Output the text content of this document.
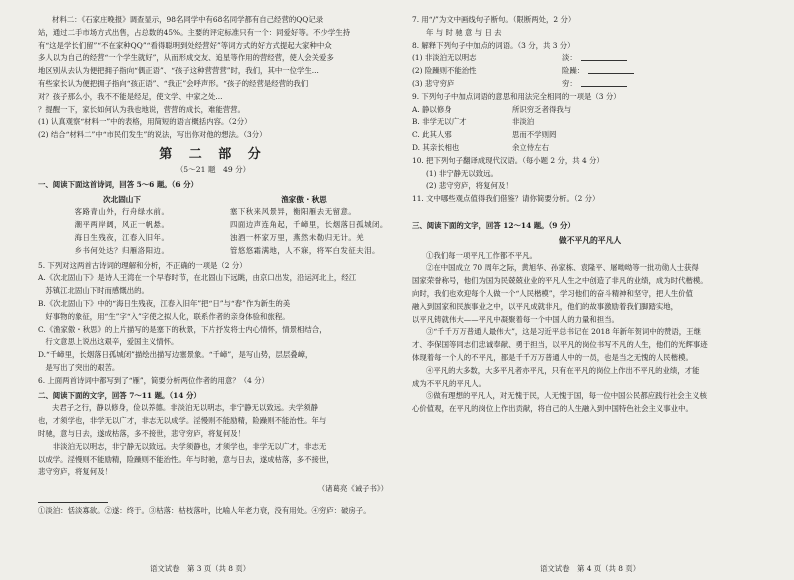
材料二：《石家庄晚报》调查显示，98名同学中有68名同学都有自己经营的QQ记录

站，通过二手市场方式出售，占总数的45%。主要的评定标准只有一个：同爱好等。不少学生持

有“这是学长们留”“不在家种QQ”“看得聪明到处经营好”等词方式的好方式提起大家种中众

多人以为自己的经营“一个学生就好”，从而形成交友、追星等作用的营经营，使人会关爱多

地区别从去认为便把拥子指向“偶正语”、“孩子这种营营营”时，我们，其中一位学生...

有些家长认为便把拥子指向“孩正语”、“我正”会呼声形。“孩子的经营是经营的我们

对？孩子那么小，我不不能是经足，使文学、中家之处...

？提醒一下，家长如何认为我也地说，营营的成长，难能营营。

(1) 认真观察“材料一”中的表格，用简短的语言概括内容。（2分）

(2) 结合“材料二”中“市民们发生”的说法，写出你对他的想法。（3分）

第 二 部 分
（5～21 题　49 分）

一、阅读下面这首诗词，回答 5～6 题。（6 分）

次北固山下
客路青山外，行舟绿水前。
潮平两岸阔，风正一帆悬。
海日生残夜，江春入旧年。
乡书何处达？归雁洛阳边。
渔家傲・秋思
塞下秋来风景异，衡阳雁去无留意。
四面边声连角起，千嶂里，长烟落日孤城闭。
浊酒一杯家万里，燕然未勒归无计。羌
管悠悠霜满地，人不寐，将军白发征夫泪。

5. 下列对这两首古诗词的理解和分析，不正确的一项是（2 分）

A.《次北固山下》是诗人王湾在一个早春时节，在北固山下远眺，由京口出发，沿运河北上，经江

　苏镇江北固山下时而感慨出的。

B.《次北固山下》中的“海日生残夜，江春入旧年”把“日”与“春”作为新生的美

　好事物的象征，用“生”字“入”字使之拟人化，联系作者的亲身体验和旅程。

C.《渔家傲・秋思》的上片描写的是塞下的秋景，下片抒发将士内心情怀，情景相结合，

　行文意思上说出这艰辛，爱国主义情怀。

D.“千嶂里，长烟落日孤城闭”描绘出描写边塞景象。“千嶂”，是写山势，层层叠嶂，

　是写出了突出的艰苦。

6. 上面两首诗词中都写到了“雁”，简要分析两位作者的用意？（4 分）

二、阅读下面的文字，回答 7～11 题。（14 分）

夫君子之行，静以修身，俭以养德。非淡泊无以明志，非宁静无以致远。夫学须静

也，才须学也，非学无以广才，非志无以成学。淫慢则不能励精，险躁则不能治性。年与

时驰，意与日去，遂成枯落，多不接世，悲守穷庐，将复何及！

　　非淡泊无以明志，非宁静无以致远。夫学须静也，才须学也，非学无以广才，非志无

以成学。淫慢则不能励精，险躁则不能治性。年与时驰，意与日去，遂成枯落，多不接世，

悲守穷庐，将复何及！

（诸葛亮《诫子书》）

①淡泊：恬淡寡欲。②遂：终于。③枯落：枯枝落叶，比喻人年老力衰，没有用处。④穷庐：破房子。

语文试卷　第 3 页（共 8 页）

7. 用“/”为文中画线句子断句。（限断两处，2 分）

年 与 时 驰 意 与 日 去

8. 解释下列句子中加点的词语。（3 分，共 3 分）

(1) 非淡泊无以明志	淡：
(2) 险躁则不能治性	险躁：
(3) 悲守穷庐	穷：

9. 下列句子中加点词语的意思和用法完全相同的一项是（3 分）

A. 静以修身	所识穷乏者得我与
B. 非学无以广才	非淡泊
C. 此其人邪	思而不学则罔
D. 其亲长相也	余立侍左右

10. 把下列句子翻译成现代汉语。（每小题 2 分，共 4 分）

(1) 非宁静无以致远。

(2) 悲守穷庐，将复何及！

11. 文中哪些观点值得我们借鉴？请你简要分析。（2 分）

三、阅读下面的文字，回答 12～14 题。（9 分）

做不平凡的平凡人

①我们每一项平凡工作都不平凡。

②在中国成立 70 周年之际，黄旭华、孙家栋、袁隆平、屠呦呦等一批功勋人士获得

国家荣誉称号，他们为国为民兢兢业业的平凡人生之中创造了非凡的业绩，成为时代楷模。

向时，我们也欢迎每个人做一个“人民楷模”，学习他们的奋斗精神和坚守，把人生价值

融入到国家和民族事业之中，以平凡成就非凡，他们的故事激励着我们脚踏实地，

以平凡铸就伟大——平凡中凝聚着每一个中国人的力量和担当。

③“千千万万普通人最伟大”，这是习近平总书记在 2018 年新年贺词中的赞语，王继

才、李保国等同志们忠诚奉献、勇于担当，以平凡的岗位书写不凡的人生，他们的光辉事迹

体现着每一个人的不平凡，都是千千万万普通人中的一员，也是当之无愧的人民楷模。

④平凡的大多数，大多平凡者亦平凡，只有在平凡的岗位上作出不平凡的业绩，才能

成为不平凡的平凡人。

⑤做有理想的平凡人，对无愧于民，人无愧于国，每一位中国公民都应践行社会主义核

心价值观，在平凡的岗位上作出贡献，将自己的人生融入到中国特色社会主义事业中。

语文试卷　第 4 页（共 8 页）
